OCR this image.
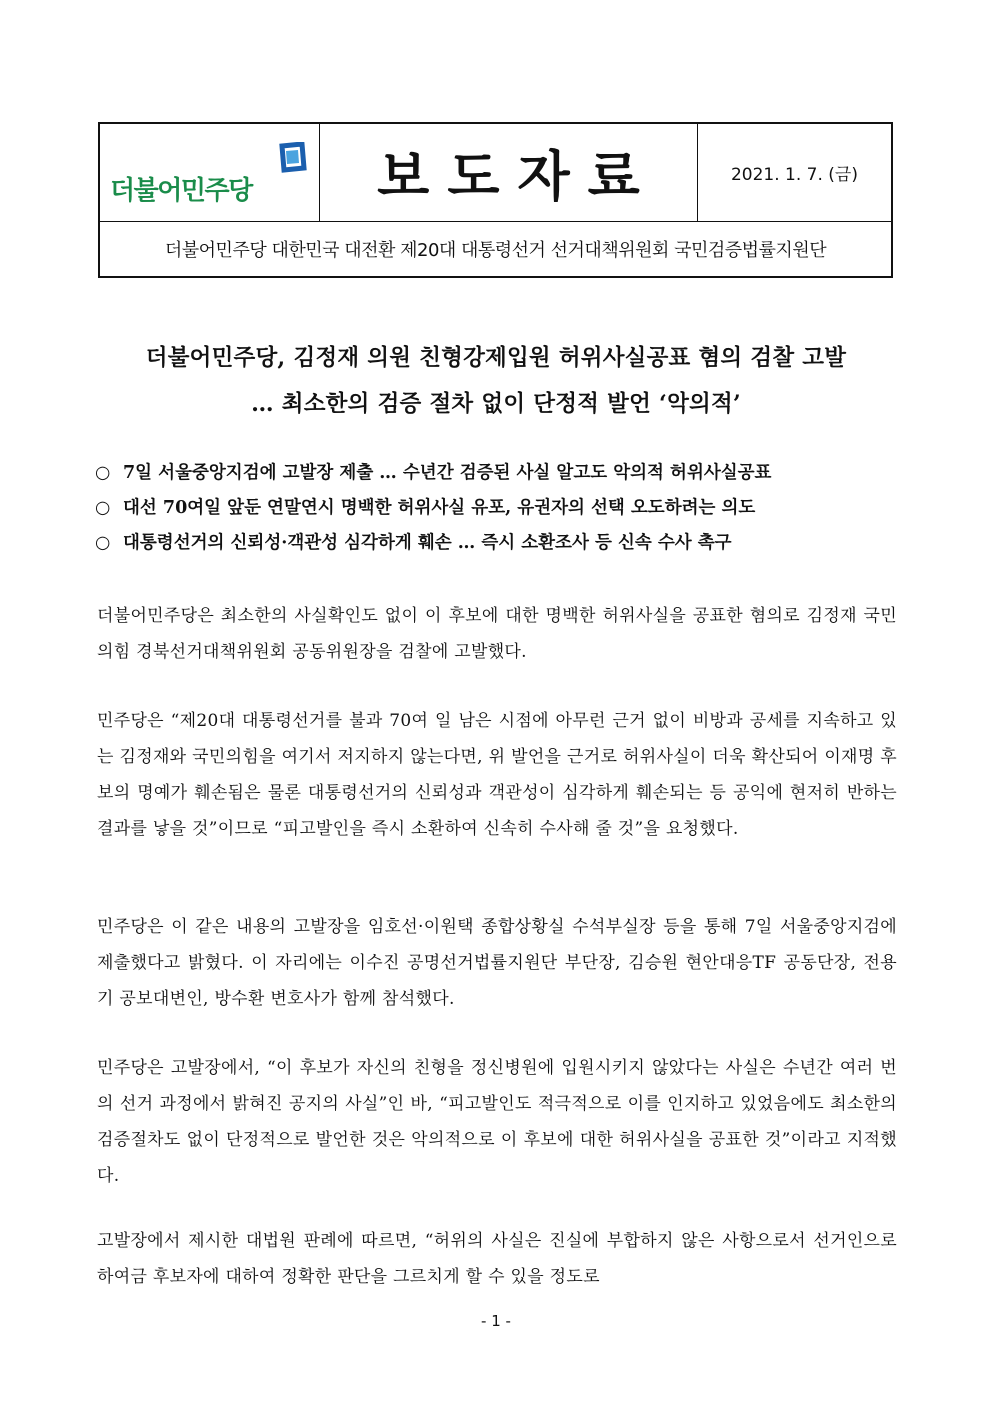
더불어민주당 보도자료	2021. 1. 7. (금)
더불어민주당 대한민국 대전환 제20대 대통령선거 선거대책위원회 국민검증법률지원단
더불어민주당, 김정재 의원 친형강제입원 허위사실공표 혐의 검찰 고발
… 최소한의 검증 절차 없이 단정적 발언 ‘악의적’
○ 7일 서울중앙지검에 고발장 제출 … 수년간 검증된 사실 알고도 악의적 허위사실공표
○ 대선 70여일 앞둔 연말연시 명백한 허위사실 유포, 유권자의 선택 오도하려는 의도
○ 대통령선거의 신뢰성·객관성 심각하게 훼손 … 즉시 소환조사 등 신속 수사 촉구
더불어민주당은 최소한의 사실확인도 없이 이 후보에 대한 명백한 허위사실을 공표한 혐의로 김정재 국민의힘 경북선거대책위원회 공동위원장을 검찰에 고발했다.
민주당은 “제20대 대통령선거를 불과 70여 일 남은 시점에 아무런 근거 없이 비방과 공세를 지속하고 있는 김정재와 국민의힘을 여기서 저지하지 않는다면, 위 발언을 근거로 허위사실이 더욱 확산되어 이재명 후보의 명예가 훼손됨은 물론 대통령선거의 신뢰성과 객관성이 심각하게 훼손되는 등 공익에 현저히 반하는 결과를 낳을 것”이므로 “피고발인을 즉시 소환하여 신속히 수사해 줄 것”을 요청했다.
민주당은 이 같은 내용의 고발장을 임호선·이원택 종합상황실 수석부실장 등을 통해 7일 서울중앙지검에 제출했다고 밝혔다. 이 자리에는 이수진 공명선거법률지원단 부단장, 김승원 현안대응TF 공동단장, 전용기 공보대변인, 방수환 변호사가 함께 참석했다.
민주당은 고발장에서, “이 후보가 자신의 친형을 정신병원에 입원시키지 않았다는 사실은 수년간 여러 번의 선거 과정에서 밝혀진 공지의 사실”인 바, “피고발인도 적극적으로 이를 인지하고 있었음에도 최소한의 검증절차도 없이 단정적으로 발언한 것은 악의적으로 이 후보에 대한 허위사실을 공표한 것”이라고 지적했다.
고발장에서 제시한 대법원 판례에 따르면, “허위의 사실은 진실에 부합하지 않은 사항으로서 선거인으로 하여금 후보자에 대하여 정확한 판단을 그르치게 할 수 있을 정도로
- 1 -
